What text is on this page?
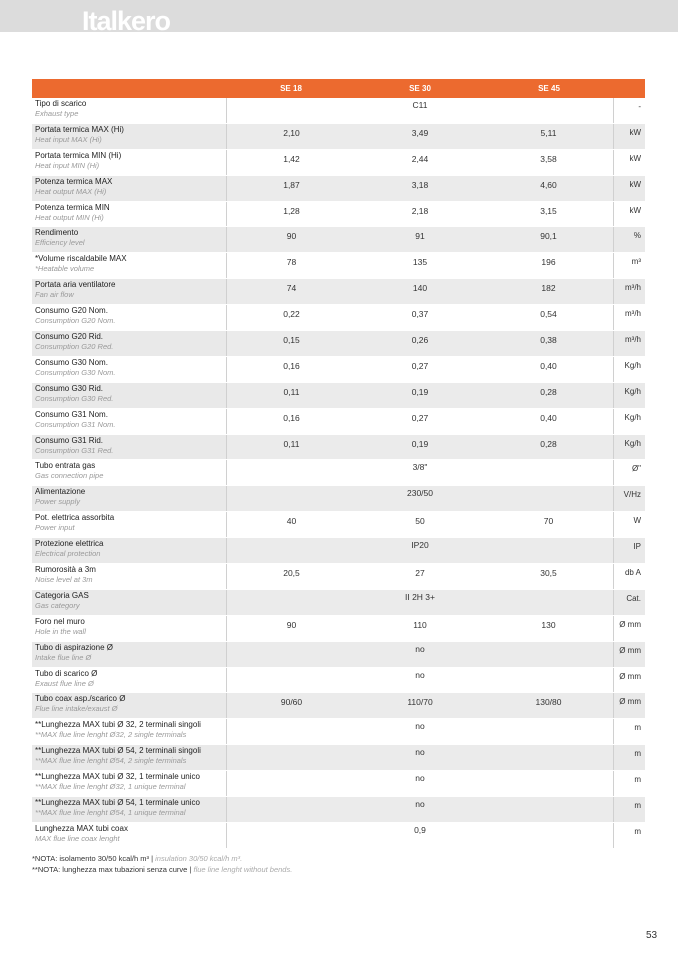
Italkero
SE 18	SE 30	SE 45
Tipo di scarico
Exhaust type
C11	-
Portata termica MAX (Hi)
Heat input MAX (Hi)
2,10	3,49	5,11	kW
Portata termica MIN (Hi)
Heat input MIN (Hi)
1,42	2,44	3,58	kW
Potenza termica MAX
Heat output MAX (Hi)
1,87	3,18	4,60	kW
Potenza termica MIN
Heat output MIN (Hi)
1,28	2,18	3,15	kW
Rendimento
Efficiency level
90	91	90,1	%
*Volume riscaldabile MAX
*Heatable volume
78	135	196	m³
Portata aria ventilatore
Fan air flow
74	140	182	m³/h
Consumo G20 Nom.
Consumption G20 Nom.
0,22	0,37	0,54	m³/h
Consumo G20 Rid.
Consumption G20 Red.
0,15	0,26	0,38	m³/h
Consumo G30 Nom.
Consumption G30 Nom.
0,16	0,27	0,40	Kg/h
Consumo G30 Rid.
Consumption G30 Red.
0,11	0,19	0,28	Kg/h
Consumo G31 Nom.
Consumption G31 Nom.
0,16	0,27	0,40	Kg/h
Consumo G31 Rid.
Consumption G31 Red.
0,11	0,19	0,28	Kg/h
Tubo entrata gas
Gas connection pipe
3/8"	Ø"
Alimentazione
Power supply
230/50	V/Hz
Pot. elettrica assorbita
Power input
40	50	70	W
Protezione elettrica
Electrical protection
IP20	IP
Rumorosità a 3m
Noise level at 3m
20,5	27	30,5	db A
Categoria GAS
Gas category
II 2H 3+	Cat.
Foro nel muro
Hole in the wall
90	110	130	Ø mm
Tubo di aspirazione Ø
Intake flue line Ø
no	Ø mm
Tubo di scarico Ø
Exaust flue line Ø
no	Ø mm
Tubo coax asp./scarico Ø
Flue line intake/exaust Ø
90/60	110/70	130/80	Ø mm
**Lunghezza MAX tubi Ø 32, 2 terminali singoli
**MAX flue line lenght Ø32, 2 single terminals
no	m
**Lunghezza MAX tubi Ø 54, 2 terminali singoli
**MAX flue line lenght Ø54, 2 single terminals
no	m
**Lunghezza MAX tubi Ø 32, 1 terminale unico
**MAX flue line lenght Ø32, 1 unique terminal
no	m
**Lunghezza MAX tubi Ø 54, 1 terminale unico
**MAX flue line lenght Ø54, 1 unique terminal
no	m
Lunghezza MAX tubi coax
MAX flue line coax lenght
0,9	m
*NOTA: isolamento 30/50 kcal/h m³ | insulation 30/50 kcal/h m³.
**NOTA: lunghezza max tubazioni senza curve | flue line lenght without bends.
53
